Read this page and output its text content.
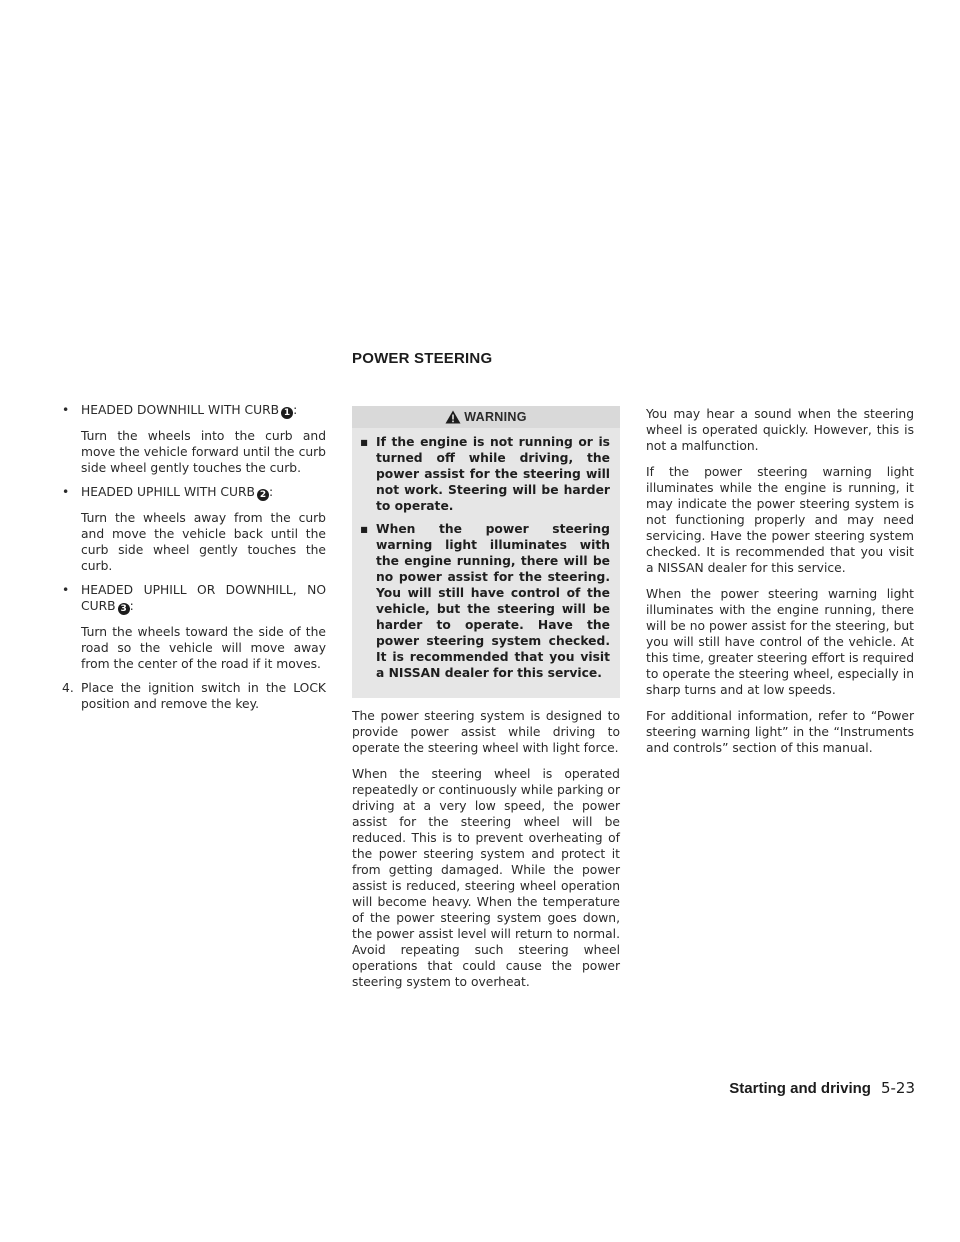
POWER STEERING
• HEADED DOWNHILL WITH CURB 1 :
Turn the wheels into the curb and move the vehicle forward until the curb side wheel gently touches the curb.
• HEADED UPHILL WITH CURB 2 :
Turn the wheels away from the curb and move the vehicle back until the curb side wheel gently touches the curb.
• HEADED UPHILL OR DOWNHILL, NO CURB 3 :
Turn the wheels toward the side of the road so the vehicle will move away from the center of the road if it moves.
4. Place the ignition switch in the LOCK position and remove the key.
WARNING
▪ If the engine is not running or is turned off while driving, the power assist for the steering will not work. Steering will be harder to operate.
▪ When the power steering warning light illuminates with the engine running, there will be no power assist for the steering. You will still have control of the vehicle, but the steering will be harder to operate. Have the power steering system checked. It is recommended that you visit a NISSAN dealer for this service.

The power steering system is designed to provide power assist while driving to operate the steering wheel with light force.

When the steering wheel is operated repeatedly or continuously while parking or driving at a very low speed, the power assist for the steering wheel will be reduced. This is to prevent overheating of the power steering system and protect it from getting damaged. While the power assist is reduced, steering wheel operation will become heavy. When the temperature of the power steering system goes down, the power assist level will return to normal. Avoid repeating such steering wheel operations that could cause the power steering system to overheat.

You may hear a sound when the steering wheel is operated quickly. However, this is not a malfunction.

If the power steering warning light illuminates while the engine is running, it may indicate the power steering system is not functioning properly and may need servicing. Have the power steering system checked. It is recommended that you visit a NISSAN dealer for this service.

When the power steering warning light illuminates with the engine running, there will be no power assist for the steering, but you will still have control of the vehicle. At this time, greater steering effort is required to operate the steering wheel, especially in sharp turns and at low speeds.

For additional information, refer to “Power steering warning light” in the “Instruments and controls” section of this manual.

Starting and driving 5-23
